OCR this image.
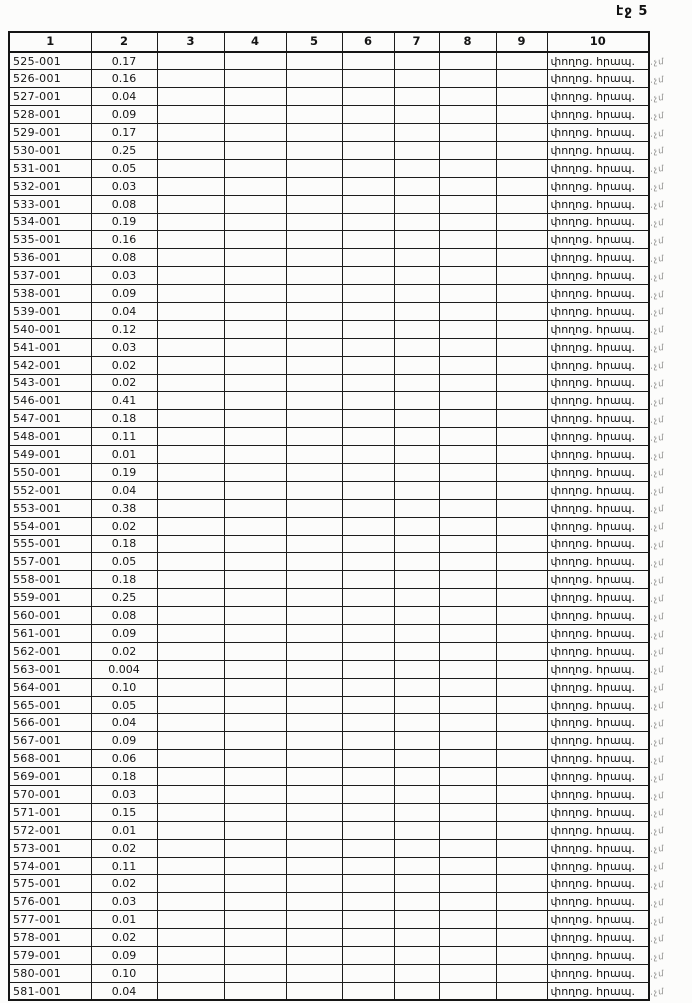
էջ 5
1	2	3	4	5	6	7	8	9	10
525-001	0.17								փողոց. հրապ.
526-001	0.16								փողոց. հրապ.
527-001	0.04								փողոց. հրապ.
528-001	0.09								փողոց. հրապ.
529-001	0.17								փողոց. հրապ.
530-001	0.25								փողոց. հրապ.
531-001	0.05								փողոց. հրապ.
532-001	0.03								փողոց. հրապ.
533-001	0.08								փողոց. հրապ.
534-001	0.19								փողոց. հրապ.
535-001	0.16								փողոց. հրապ.
536-001	0.08								փողոց. հրապ.
537-001	0.03								փողոց. հրապ.
538-001	0.09								փողոց. հրապ.
539-001	0.04								փողոց. հրապ.
540-001	0.12								փողոց. հրապ.
541-001	0.03								փողոց. հրապ.
542-001	0.02								փողոց. հրապ.
543-001	0.02								փողոց. հրապ.
546-001	0.41								փողոց. հրապ.
547-001	0.18								փողոց. հրապ.
548-001	0.11								փողոց. հրապ.
549-001	0.01								փողոց. հրապ.
550-001	0.19								փողոց. հրապ.
552-001	0.04								փողոց. հրապ.
553-001	0.38								փողոց. հրապ.
554-001	0.02								փողոց. հրապ.
555-001	0.18								փողոց. հրապ.
557-001	0.05								փողոց. հրապ.
558-001	0.18								փողոց. հրապ.
559-001	0.25								փողոց. հրապ.
560-001	0.08								փողոց. հրապ.
561-001	0.09								փողոց. հրապ.
562-001	0.02								փողոց. հրապ.
563-001	0.004								փողոց. հրապ.
564-001	0.10								փողոց. հրապ.
565-001	0.05								փողոց. հրապ.
566-001	0.04								փողոց. հրապ.
567-001	0.09								փողոց. հրապ.
568-001	0.06								փողոց. հրապ.
569-001	0.18								փողոց. հրապ.
570-001	0.03								փողոց. հրապ.
571-001	0.15								փողոց. հրապ.
572-001	0.01								փողոց. հրապ.
573-001	0.02								փողոց. հրապ.
574-001	0.11								փողոց. հրապ.
575-001	0.02								փողոց. հրապ.
576-001	0.03								փողոց. հրապ.
577-001	0.01								փողոց. հրապ.
578-001	0.02								փողոց. հրապ.
579-001	0.09								փողոց. հրապ.
580-001	0.10								փողոց. հրապ.
581-001	0.04								փողոց. հրապ.
.չմ
.չմ
.չմ
.չմ
.չմ
.չմ
.չմ
.չմ
.չմ
.չմ
.չմ
.չմ
.չմ
.չմ
.չմ
.չմ
.չմ
.չմ
.չմ
.չմ
.չմ
.չմ
.չմ
.չմ
.չմ
.չմ
.չմ
.չմ
.չմ
.չմ
.չմ
.չմ
.չմ
.չմ
.չմ
.չմ
.չմ
.չմ
.չմ
.չմ
.չմ
.չմ
.չմ
.չմ
.չմ
.չմ
.չմ
.չմ
.չմ
.չմ
.չմ
.չմ
.չմ
